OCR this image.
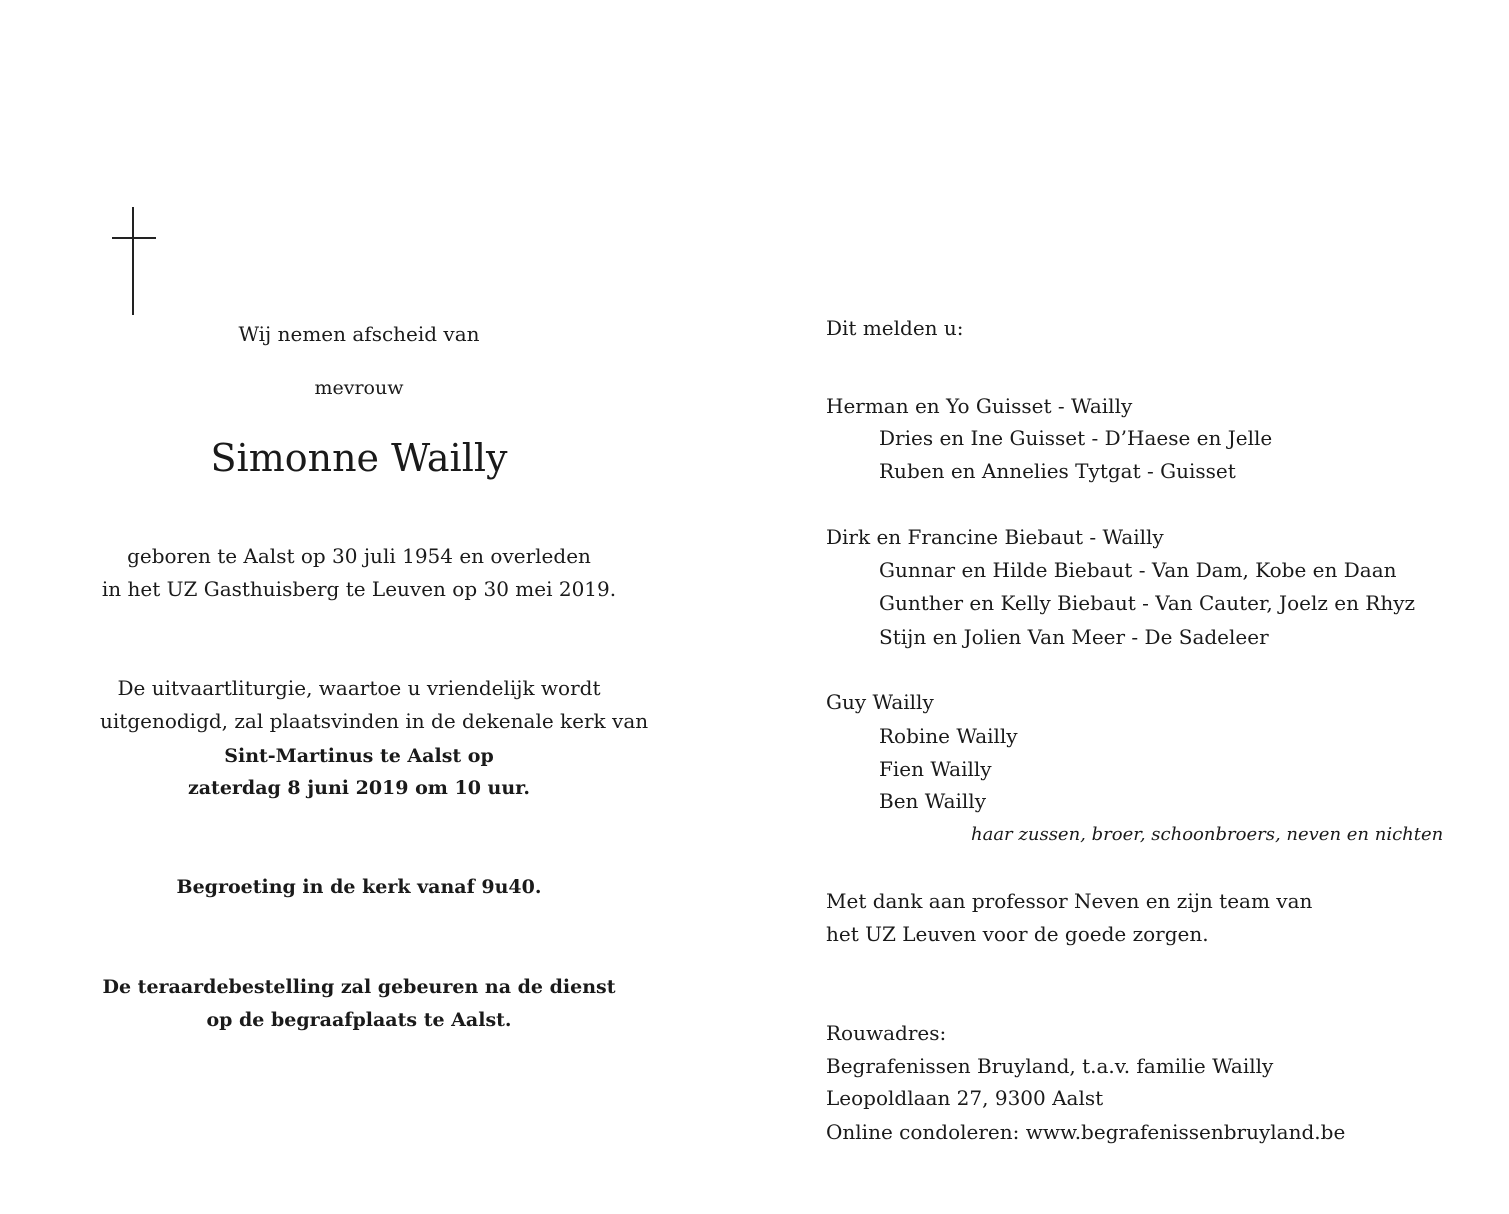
Wij nemen afscheid van
mevrouw
Simonne Wailly
geboren te Aalst op 30 juli 1954 en overleden
in het UZ Gasthuisberg te Leuven op 30 mei 2019.
De uitvaartliturgie, waartoe u vriendelijk wordt
uitgenodigd, zal plaatsvinden in de dekenale kerk van
Sint-Martinus te Aalst op
zaterdag 8 juni 2019 om 10 uur.
Begroeting in de kerk vanaf 9u40.
De teraardebestelling zal gebeuren na de dienst
op de begraafplaats te Aalst.
Dit melden u:
Herman en Yo Guisset - Wailly
Dries en Ine Guisset - D’Haese en Jelle
Ruben en Annelies Tytgat - Guisset
Dirk en Francine Biebaut - Wailly
Gunnar en Hilde Biebaut - Van Dam, Kobe en Daan
Gunther en Kelly Biebaut - Van Cauter, Joelz en Rhyz
Stijn en Jolien Van Meer - De Sadeleer
Guy Wailly
Robine Wailly
Fien Wailly
Ben Wailly
haar zussen, broer, schoonbroers, neven en nichten
Met dank aan professor Neven en zijn team van
het UZ Leuven voor de goede zorgen.
Rouwadres:
Begrafenissen Bruyland, t.a.v. familie Wailly
Leopoldlaan 27, 9300 Aalst
Online condoleren: www.begrafenissenbruyland.be
